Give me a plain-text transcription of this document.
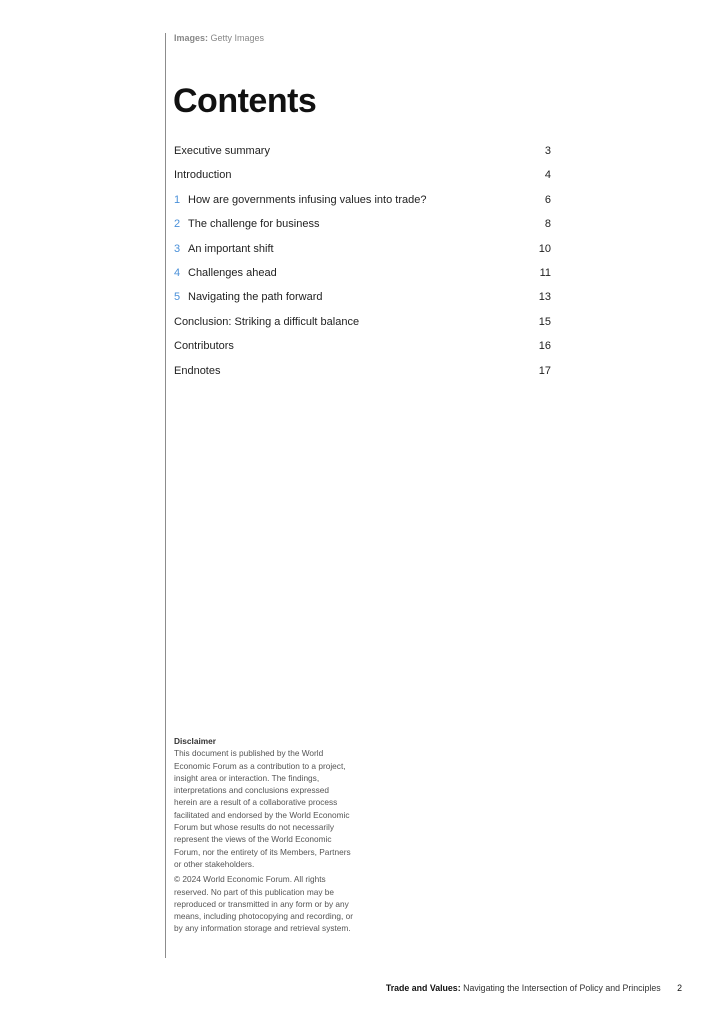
Images: Getty Images
Contents
Executive summary	3
Introduction	4
1 How are governments infusing values into trade?	6
2 The challenge for business	8
3 An important shift	10
4 Challenges ahead	11
5 Navigating the path forward	13
Conclusion: Striking a difficult balance	15
Contributors	16
Endnotes	17
Disclaimer

This document is published by the World Economic Forum as a contribution to a project, insight area or interaction. The findings, interpretations and conclusions expressed herein are a result of a collaborative process facilitated and endorsed by the World Economic Forum but whose results do not necessarily represent the views of the World Economic Forum, nor the entirety of its Members, Partners or other stakeholders.

© 2024 World Economic Forum. All rights reserved. No part of this publication may be reproduced or transmitted in any form or by any means, including photocopying and recording, or by any information storage and retrieval system.

Trade and Values: Navigating the Intersection of Policy and Principles 2
